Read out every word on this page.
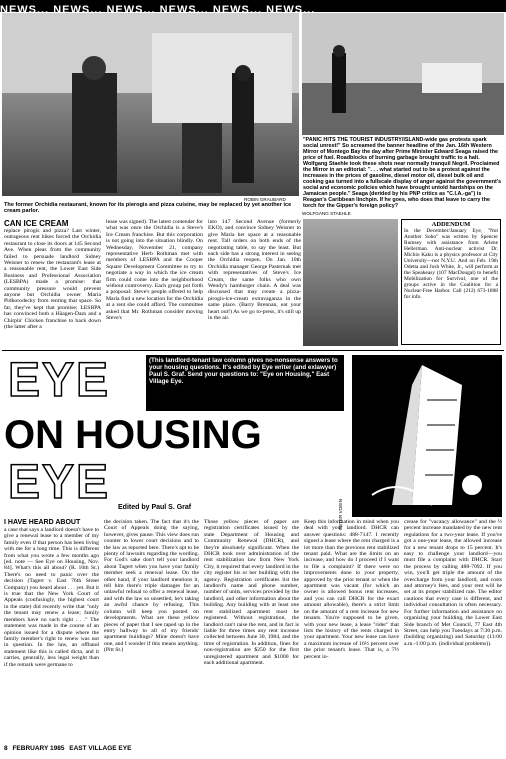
NEWS... NEWS... NEWS... NEWS... NEWS... NEWS...
ROBIN GRAUBARD
The former Orchidia restaurant, known for its pierogis and pizza cuisine, may be replaced by yet another ice cream parlor.
"PANIC HITS THE TOURIST INDUSTRY/ISLAND-wide gas protests spark social unrest!" So screamed the banner headline of the Jan. 16th Western Mirror of Montego Bay the day after Prime Minister Edward Seaga raised the price of fuel. Roadblocks of burning garbage brought traffic to a halt. Wolfgang Staehle took these shots near normally tranquil Negril. Proclaimed the Mirror in an editorial: ". . . what started out to be a protest against the increases in the prices of gasoline, diesel motor oil, diesel bulk oil and cooking gas turned into a fullscale display of anger against the government's social and economic policies which have brought untold hardships on the Jamaican people." Seaga (derided by his PNP critics as "C.I.A.-ga") is Reagan's Caribbean linchpin. If he goes, who does that leave to carry the torch for the Gipper's foreign policy?
WOLFGANG STAEHLE
CAN ICE CREAM
replace pirogis and pizza? Last winter, outrageous rent hikes forced the Orchidia restaurant to close its doors at 145 Second Ave. When pleas from the community failed to persuade landlord Sidney Weisner to renew the restaurant's lease at a reasonable rent, the Lower East Side Business and Professional Association (LESBPA) made a promise: that community pressure would prevent anyone but Orchidia owner Maria Pidhorodecky from renting that space. So far, they've kept that promise; LESBPA has convinced both a Häagen-Dazs and a Chirpin' Chicken franchise to back down (the latter after a
lease was signed). The latest contender for what was once the Orchidia is a Steve's Ice Cream franchise. But this corporation is not going into the situation blindly. On Wednesday, November 21, company representative Herb Rothman met with members of LESBPA and the Cooper Square Development Committee to try to negotiate a way in which the ice cream firm could come into the neighborhood without controversy. Each group put forth a proposal: Steve's people offered to help Maria find a new location for the Orchidia at a rent she could afford. The committee asked that Mr. Rothman consider moving Steve's
into 147 Second Avenue (formerly EKO), and convince Sidney Weisner to give Maria her space at a reasonable rent. Tall orders on both ends of the negotiating table, to say the least. But each side has a strong interest in seeing the Orchidia reopen. On Jan. 10th Orchidia manager George Pasternak met with representatives of Steve's Ice Cream, the same folks who own Wendy's hamburger chain. A deal was discussed that may create a pizza-pirogis-ice-cream extravaganza in the same place. (Barry Brennan, eat your heart out!) As we go to-press, it's still up in the air.
ADDENDUM
In the December/January Eye, "Not Another Soho" was written by Spencer Rumsey with assistance from Arlene Hellerman. Anti-nuclear activist Dr. Michio Kaku is a physics professor at City University—not N.Y.U. And on Feb. 19th Odetta and Josh White, Jr., will perform at the Speakeasy (107 MacDougal) to benefit Mobilization for Survival, one of the groups active in the Coalition for a Nuclear-Free Harbor. Call (212) 673-1808 for info.
(This landlord-tenant law column gives no-nonsense answers to your housing questions. It's edited by Eye writer (and exlawyer) Paul S. Graf. Send your questions to: "Eye on Housing," East Village Eye.
EYE
ON HOUSING
EYE Edited by Paul S. Graf	PETER VOEIN
I HAVE HEARD ABOUT
a case that says a landlord doesn't have to give a renewal lease to a member of my family even if that person has been living with me for a long time. This is different from what you wrote a few months ago [ed. note — See Eye on Housing, Nov. 84]. What's this all about? (R. 10th St.) There's no need to panic over the decision (Tagert v. East 76th Street Company) you heard about . . . yet. But it is true that the New York Court of Appeals (confusingly, the highest court in the state) did recently write that "only the tenant may renew a lease; family members have no such right . . ." The statement was made in the course of an opinion issued for a dispute where the family member's right to renew was not in question. In the law, an offhand statement like this is called dicta, and it carries, generally, less legal weight than if the remark were germane to
the decision taken. The fact that it's the Court of Appeals doing the saying, however, gives pause. This view does run counter to lower court decisions and to the law as reported here. There's apt to be plenty of lawsuits regarding the wording. For God's sake don't tell your landlord about Tagert when you have your family member seek a renewal lease. On the other hand, if your landlord mentions it, tell him there's triple damages for an unlawful refusal to offer a renewal lease, and with the law so unsettled, he's taking an awful chance by refusing. This column will keep you posted on developments. What are these yellow pieces of paper that I see taped up in the entry hallway to all of my friends' apartment buildings? Mine doesn't have one, and I wonder if this means anything. (Pitt St.)
Those yellow pieces of paper are registration certificates issued by the state Department of Housing and Community Renewal (DHCR), and they're absolutely significant. When the DHCR took over administration of the rent stabilization law from New York City, it required that every landlord in the city register his or her building with the agency. Registration certificates list the landlord's name and phone number, number of units, services provided by the landlord, and other information about the building. Any building with at least one rent stabilized apartment must be registered. Without registration, the landlord can't raise the rent, and in fact is liable for three times any rent increase collected between June 30, 1984, and the time of registration. In addition, fines for non-registration are $250 for the first unregistered apartment and $1000 for each additional apartment.
Keep this information in mind when you deal with your landlord. DHCR can answer questions: 488-7147. I recently signed a lease where the rent charged is a lot more than the previous rent stabilized tenant paid. What are the limits on an increase, and how do I proceed if I want to file a complaint? If there were no improvements done to your property, approved by the prior tenant or when the apartment was vacant (for which an owner is allowed bonus rent increases, and you can call DHCR for the exact amount allowable), there's a strict limit on the amount of a rent increase for new tenants. You're supposed to be given, with your new lease, a lease "rider" that lists the history of the rents charged in your apartment. Your new lease can have a maximum increase of 16½ percent over the prior tenant's lease. That is, a 7½ percent in-
crease for "vacancy allowance" and the ½ percent increase mandated by the new rent regulations for a two-year lease. If you've got a one-year lease, the allowed increase for a new tenant drops to 15 percent. It's easy to challenge your landlord—you must file a complaint with DHCR. Start the process by calling 488-7092. If you win, you'll get triple the amount of the overcharge from your landlord, and costs and attorney's fees, and your rent will be set at its proper stabilized rate. The editor cautions that every case is different, and individual consultation is often necessary. For further information and assistance on organizing your building, the Lower East Side branch of Met Council, 77 East 4th Street, can help you Tuesdays at 7:30 p.m. (building organizing) and Saturday (11:00 a.m.-1:00 p.m. (individual problems)).
8 FEBRUARY 1985 EAST VILLAGE EYE
